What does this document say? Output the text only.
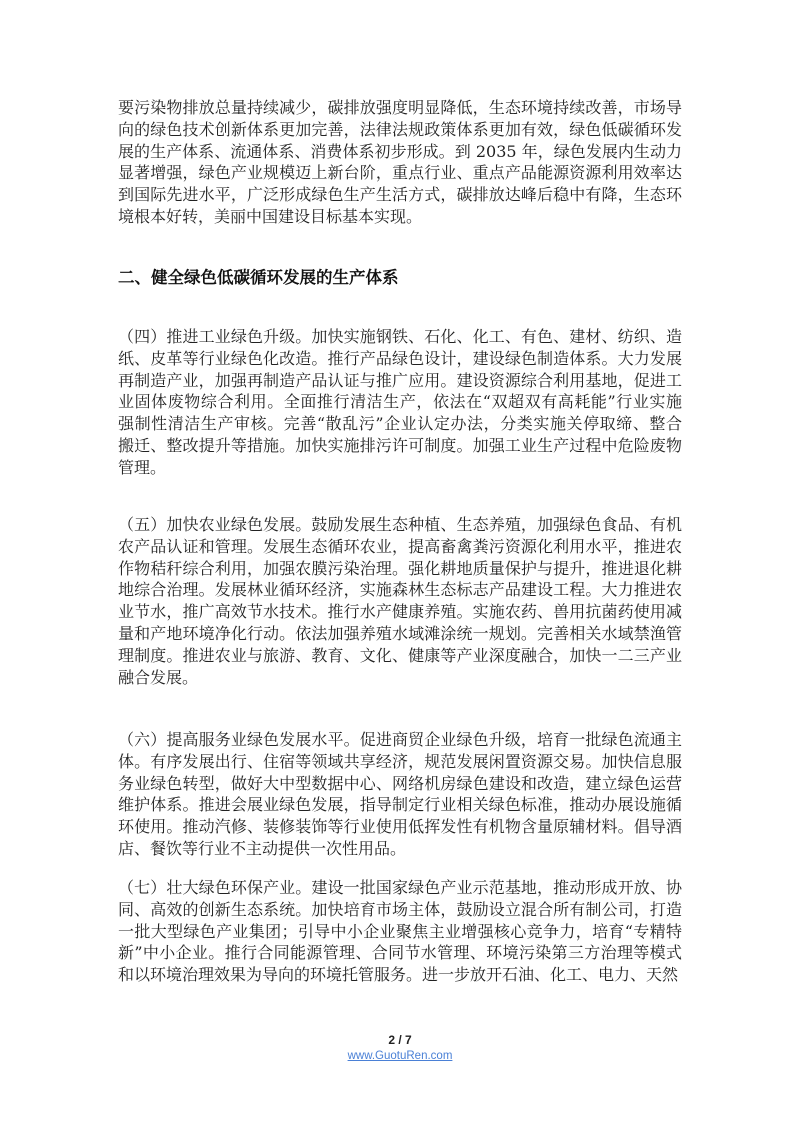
要污染物排放总量持续减少，碳排放强度明显降低，生态环境持续改善，市场导
向的绿色技术创新体系更加完善，法律法规政策体系更加有效，绿色低碳循环发
展的生产体系、流通体系、消费体系初步形成。到 2035 年，绿色发展内生动力
显著增强，绿色产业规模迈上新台阶，重点行业、重点产品能源资源利用效率达
到国际先进水平，广泛形成绿色生产生活方式，碳排放达峰后稳中有降，生态环
境根本好转，美丽中国建设目标基本实现。
二、健全绿色低碳循环发展的生产体系
（四）推进工业绿色升级。加快实施钢铁、石化、化工、有色、建材、纺织、造
纸、皮革等行业绿色化改造。推行产品绿色设计，建设绿色制造体系。大力发展
再制造产业，加强再制造产品认证与推广应用。建设资源综合利用基地，促进工
业固体废物综合利用。全面推行清洁生产，依法在“双超双有高耗能”行业实施
强制性清洁生产审核。完善“散乱污”企业认定办法，分类实施关停取缔、整合
搬迁、整改提升等措施。加快实施排污许可制度。加强工业生产过程中危险废物
管理。
（五）加快农业绿色发展。鼓励发展生态种植、生态养殖，加强绿色食品、有机
农产品认证和管理。发展生态循环农业，提高畜禽粪污资源化利用水平，推进农
作物秸秆综合利用，加强农膜污染治理。强化耕地质量保护与提升，推进退化耕
地综合治理。发展林业循环经济，实施森林生态标志产品建设工程。大力推进农
业节水，推广高效节水技术。推行水产健康养殖。实施农药、兽用抗菌药使用减
量和产地环境净化行动。依法加强养殖水域滩涂统一规划。完善相关水域禁渔管
理制度。推进农业与旅游、教育、文化、健康等产业深度融合，加快一二三产业
融合发展。
（六）提高服务业绿色发展水平。促进商贸企业绿色升级，培育一批绿色流通主
体。有序发展出行、住宿等领域共享经济，规范发展闲置资源交易。加快信息服
务业绿色转型，做好大中型数据中心、网络机房绿色建设和改造，建立绿色运营
维护体系。推进会展业绿色发展，指导制定行业相关绿色标准，推动办展设施循
环使用。推动汽修、装修装饰等行业使用低挥发性有机物含量原辅材料。倡导酒
店、餐饮等行业不主动提供一次性用品。
（七）壮大绿色环保产业。建设一批国家绿色产业示范基地，推动形成开放、协
同、高效的创新生态系统。加快培育市场主体，鼓励设立混合所有制公司，打造
一批大型绿色产业集团；引导中小企业聚焦主业增强核心竞争力，培育“专精特
新”中小企业。推行合同能源管理、合同节水管理、环境污染第三方治理等模式
和以环境治理效果为导向的环境托管服务。进一步放开石油、化工、电力、天然
2 / 7
www.GuotuRen.com
